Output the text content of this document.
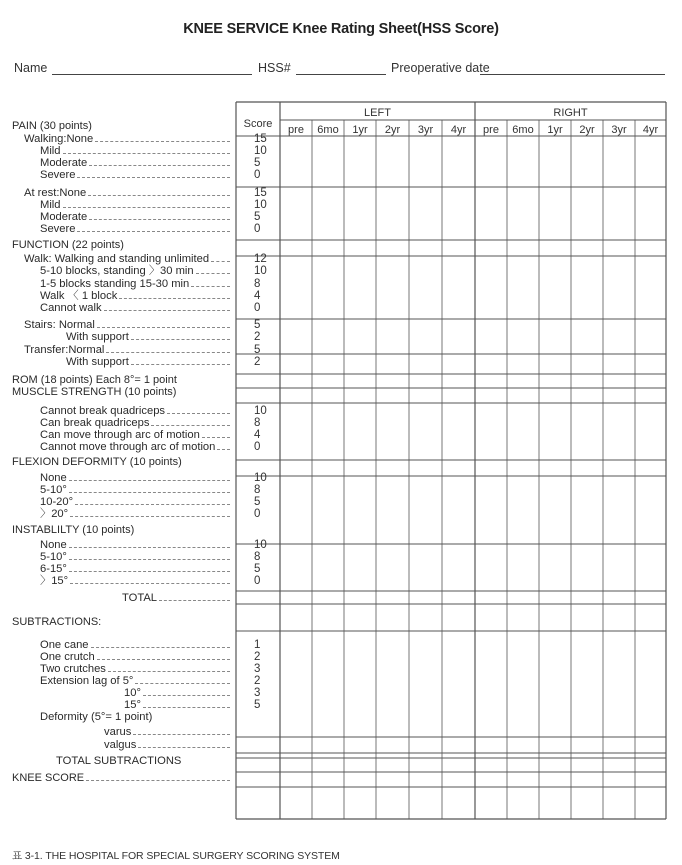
KNEE SERVICE Knee Rating Sheet(HSS Score)
Name	HSS#	Preoperative date
Score
LEFT	RIGHT
pre	6mo	1yr	2yr	3yr	4yr	pre	6mo	1yr	2yr	3yr	4yr
PAIN (30 points)
Walking:None	15
Mild	10
Moderate	5
Severe	0
At rest:None	15
Mild	10
Moderate	5
Severe	0
FUNCTION (22 points)
Walk: Walking and standing unlimited	12
5-10 blocks, standing 〉30 min	10
1-5 blocks standing 15-30 min	8
Walk 〈 1 block	4
Cannot walk	0
Stairs: Normal	5
With support	2
Transfer:Normal	5
With support	2
ROM (18 points) Each 8°= 1 point
MUSCLE STRENGTH (10 points)
Cannot break quadriceps	10
Can break quadriceps	8
Can move through arc of motion	4
Cannot move through arc of motion	0
FLEXION DEFORMITY (10 points)
None	10
5-10°	8
10-20°	5
〉20°	0
INSTABLILTY (10 points)
None	10
5-10°	8
6-15°	5
〉15°	0
TOTAL
SUBTRACTIONS:
One cane	1
One crutch	2
Two crutches	3
Extension lag of 5°	2
10°	3
15°	5
Deformity (5°= 1 point)
varus
valgus
TOTAL SUBTRACTIONS
KNEE SCORE
표 3-1. THE HOSPITAL FOR SPECIAL SURGERY SCORING SYSTEM
